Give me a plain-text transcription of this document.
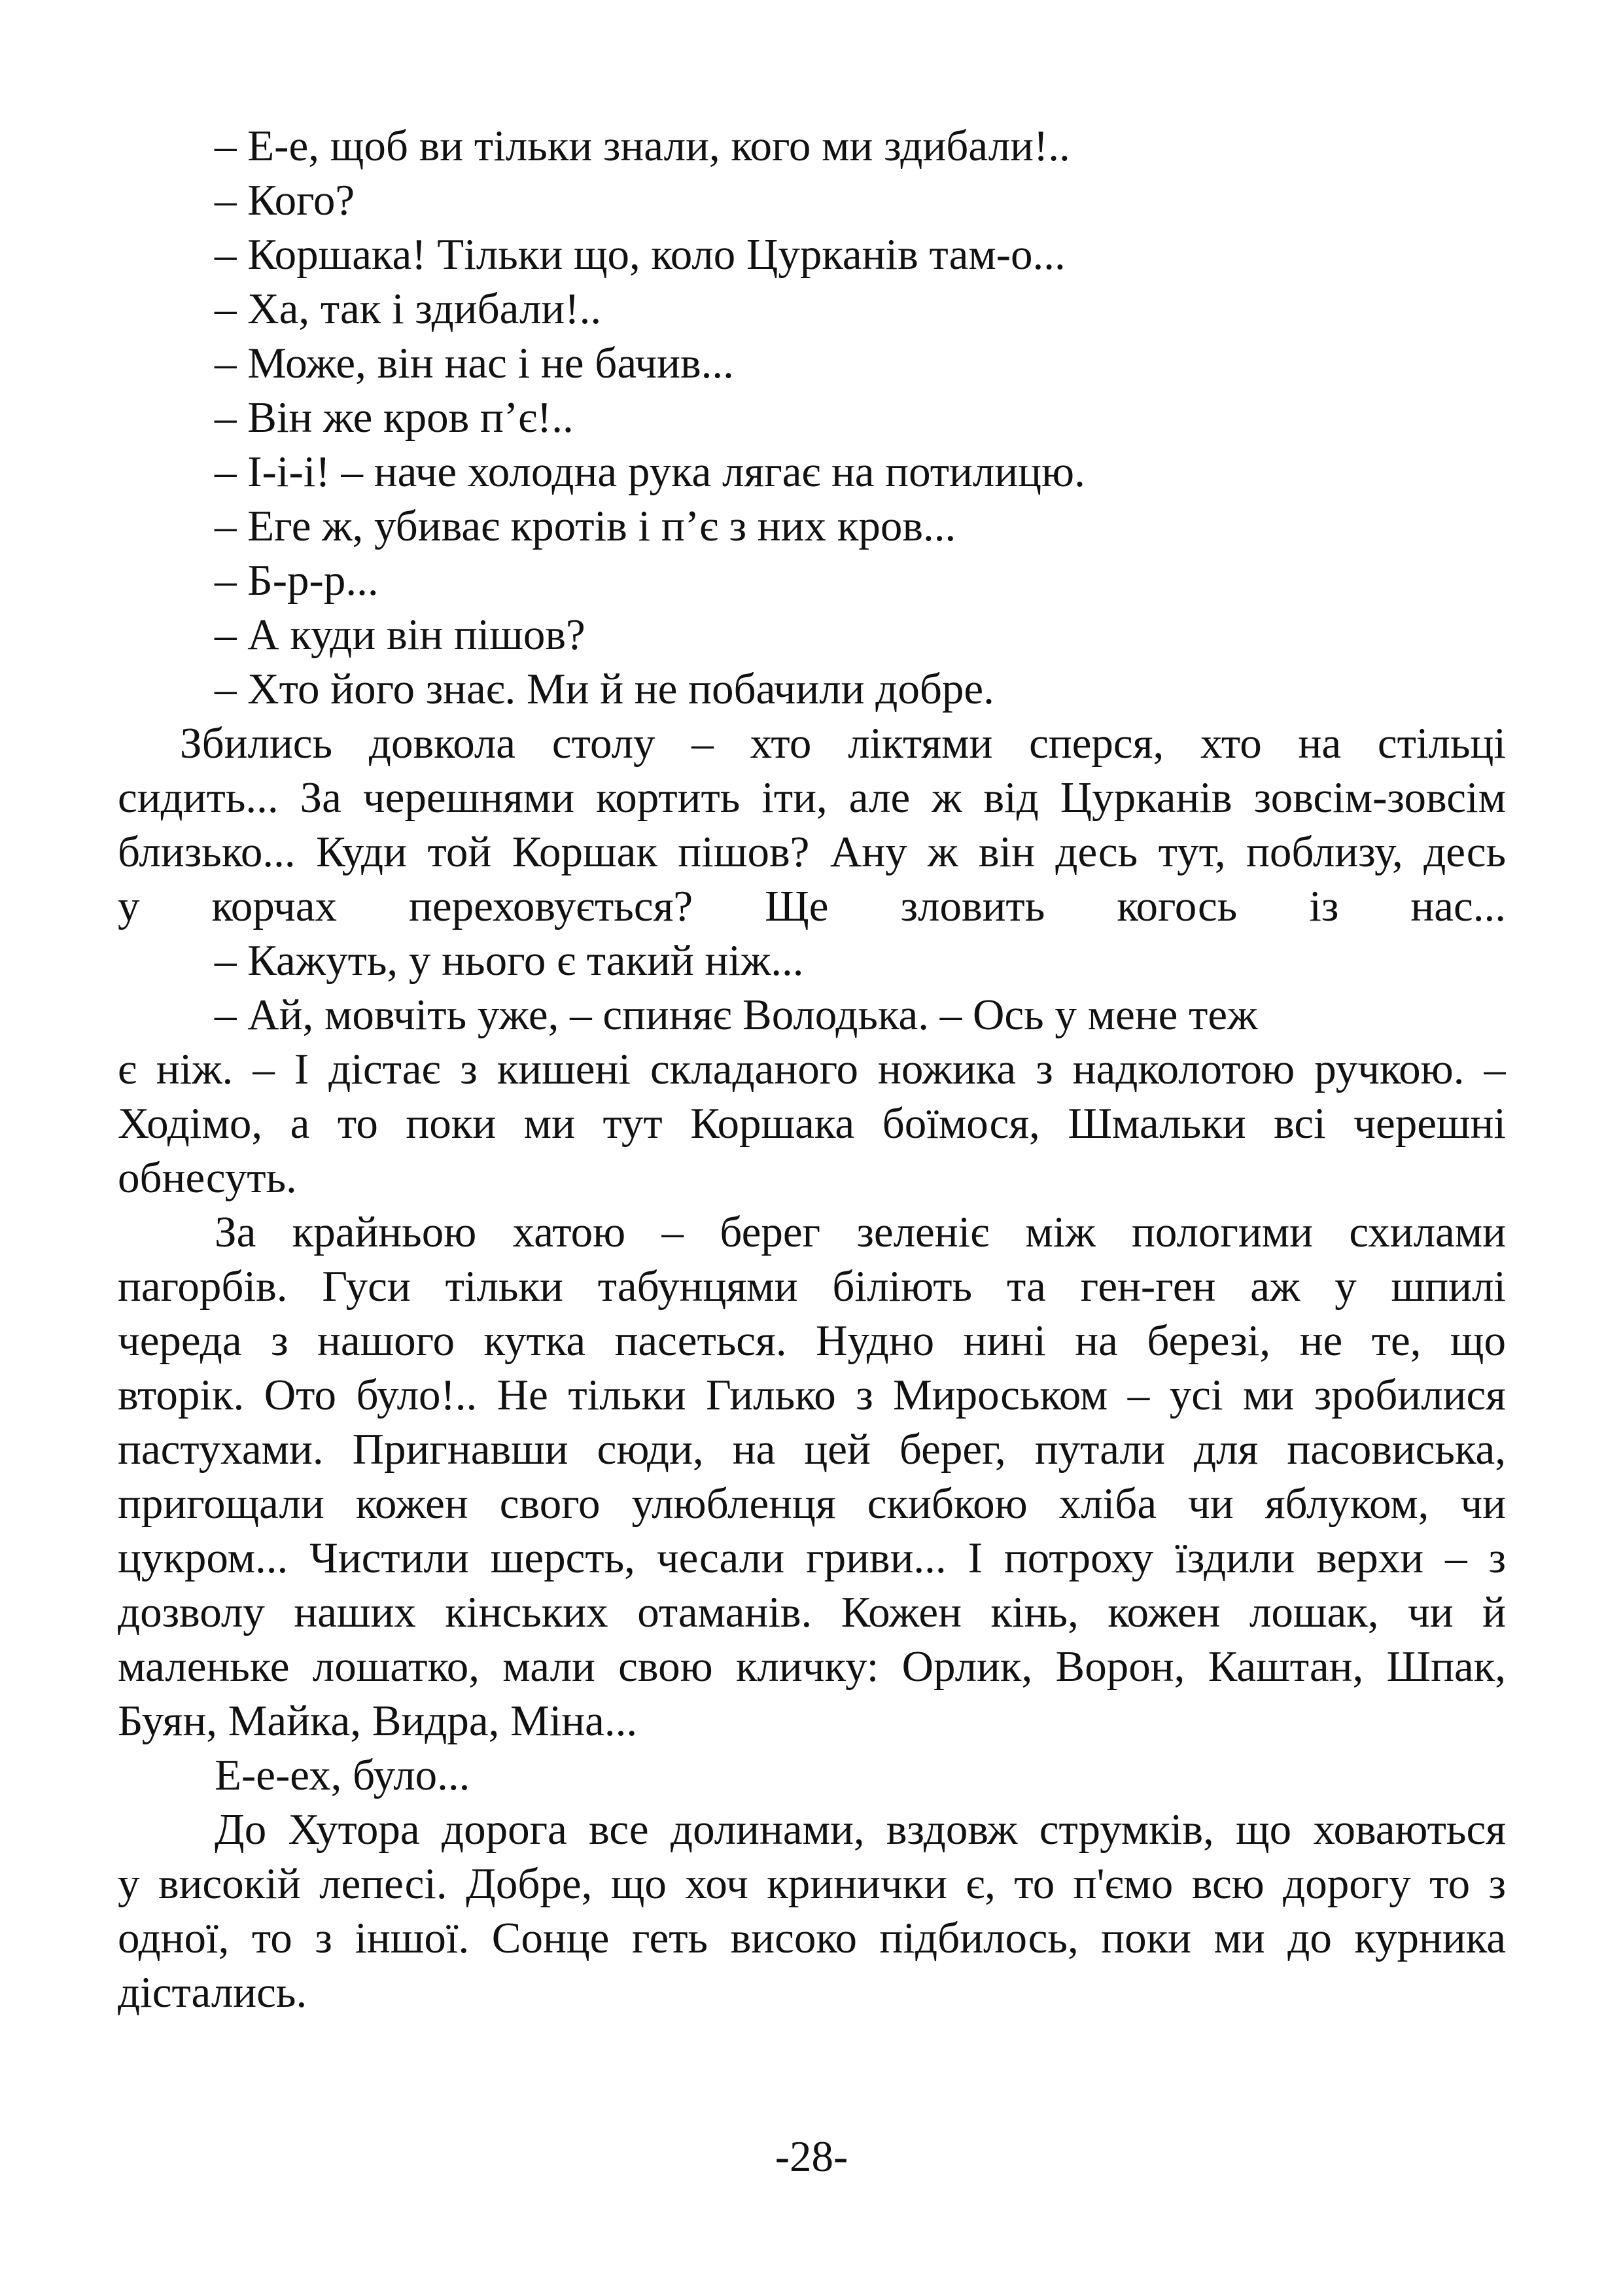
– Е-е, щоб ви тільки знали, кого ми здибали!..
– Кого?
– Коршака! Тільки що, коло Цурканів там-о...
– Ха, так і здибали!..
– Може, він нас і не бачив...
– Він же кров п’є!..
– І-і-і! – наче холодна рука лягає на потилицю.
– Еге ж, убиває кротів і п’є з них кров...
– Б-р-р...
– А куди він пішов?
– Хто його знає. Ми й не побачили добре.
Збились довкола столу – хто ліктями сперся, хто на стільці
сидить... За черешнями кортить іти, але ж від Цурканів зовсім-зовсім
близько... Куди той Коршак пішов? Ану ж він десь тут, поблизу, десь
у корчах переховується? Ще зловить когось із нас...
– Кажуть, у нього є такий ніж...
– Ай, мовчіть уже, – спиняє Володька. – Ось у мене теж
є ніж. – І дістає з кишені складаного ножика з надколотою ручкою. –
Ходімо, а то поки ми тут Коршака боїмося, Шмальки всі черешні
обнесуть.
За крайньою хатою – берег зеленіє між пологими схилами
пагорбів. Гуси тільки табунцями біліють та ген-ген аж у шпилі
череда з нашого кутка пасеться. Нудно нині на березі, не те, що
вторік. Ото було!.. Не тільки Гилько з Мироськом – усі ми зробилися
пастухами. Пригнавши сюди, на цей берег, путали для пасовиська,
пригощали кожен свого улюбленця скибкою хліба чи яблуком, чи
цукром... Чистили шерсть, чесали гриви... І потроху їздили верхи – з
дозволу наших кінських отаманів. Кожен кінь, кожен лошак, чи й
маленьке лошатко, мали свою кличку: Орлик, Ворон, Каштан, Шпак,
Буян, Майка, Видра, Міна...
Е-е-ех, було...
До Хутора дорога все долинами, вздовж струмків, що ховаються
у високій лепесі. Добре, що хоч кринички є, то п'ємо всю дорогу то з
одної, то з іншої. Сонце геть високо підбилось, поки ми до курника
дістались.
-28-
